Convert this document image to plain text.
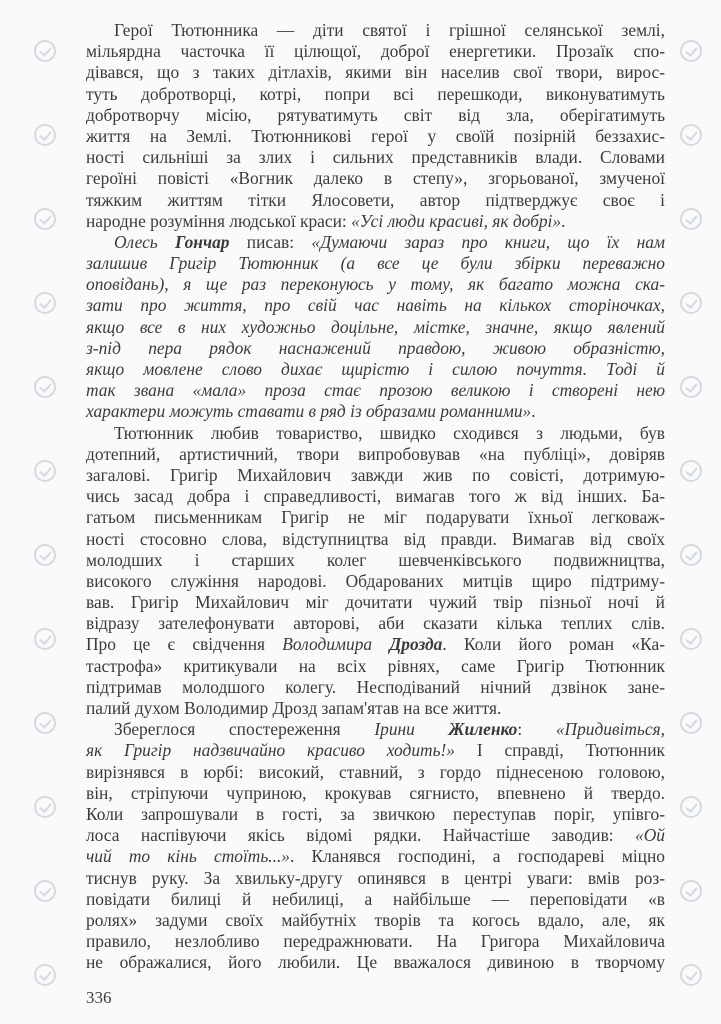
Герої Тютюнника — діти святої і грішної селянської землі,
мільярдна часточка її цілющої, доброї енергетики. Прозаїк спо-
дівався, що з таких дітлахів, якими він населив свої твори, вирос-
туть добротворці, котрі, попри всі перешкоди, виконуватимуть
добротворчу місію, рятуватимуть світ від зла, оберігатимуть
життя на Землі. Тютюнникові герої у своїй позірній беззахис-
ності сильніші за злих і сильних представників влади. Словами
героїні повісті «Вогник далеко в степу», згорьованої, змученої
тяжким життям тітки Ялосовети, автор підтверджує своє і
народне розуміння людської краси: «Усі люди красиві, як добрі».
Олесь Гончар писав: «Думаючи зараз про книги, що їх нам
залишив Григір Тютюнник (а все це були збірки переважно
оповідань), я ще раз переконуюсь у тому, як багато можна ска-
зати про життя, про свій час навіть на кількох сторіночках,
якщо все в них художньо доцільне, містке, значне, якщо явлений
з-під пера рядок наснажений правдою, живою образністю,
якщо мовлене слово дихає щирістю і силою почуття. Тоді й
так звана «мала» проза стає прозою великою і створені нею
характери можуть ставати в ряд із образами романними».
Тютюнник любив товариство, швидко сходився з людьми, був
дотепний, артистичний, твори випробовував «на публіці», довіряв
загалові. Григір Михайлович завжди жив по совісті, дотримую-
чись засад добра і справедливості, вимагав того ж від інших. Ба-
гатьом письменникам Григір не міг подарувати їхньої легковаж-
ності стосовно слова, відступництва від правди. Вимагав від своїх
молодших і старших колег шевченківського подвижництва,
високого служіння народові. Обдарованих митців щиро підтриму-
вав. Григір Михайлович міг дочитати чужий твір пізньої ночі й
відразу зателефонувати авторові, аби сказати кілька теплих слів.
Про це є свідчення Володимира Дрозда. Коли його роман «Ка-
тастрофа» критикували на всіх рівнях, саме Григір Тютюнник
підтримав молодшого колегу. Несподіваний нічний дзвінок зане-
палий духом Володимир Дрозд запам'ятав на все життя.
Збереглося спостереження Ірини Жиленко: «Придивіться,
як Григір надзвичайно красиво ходить!» І справді, Тютюнник
вирізнявся в юрбі: високий, ставний, з гордо піднесеною головою,
він, стріпуючи чуприною, крокував сягнисто, впевнено й твердо.
Коли запрошували в гості, за звичкою переступав поріг, упівго-
лоса наспівуючи якісь відомі рядки. Найчастіше заводив: «Ой
чий то кінь стоїть...». Кланявся господині, а господареві міцно
тиснув руку. За хвильку-другу опинявся в центрі уваги: вмів роз-
повідати билиці й небилиці, а найбільше — переповідати «в
ролях» задуми своїх майбутніх творів та когось вдало, але, як
правило, незлобливо передражнювати. На Григора Михайловича
не ображалися, його любили. Це вважалося дивиною в творчому
336
